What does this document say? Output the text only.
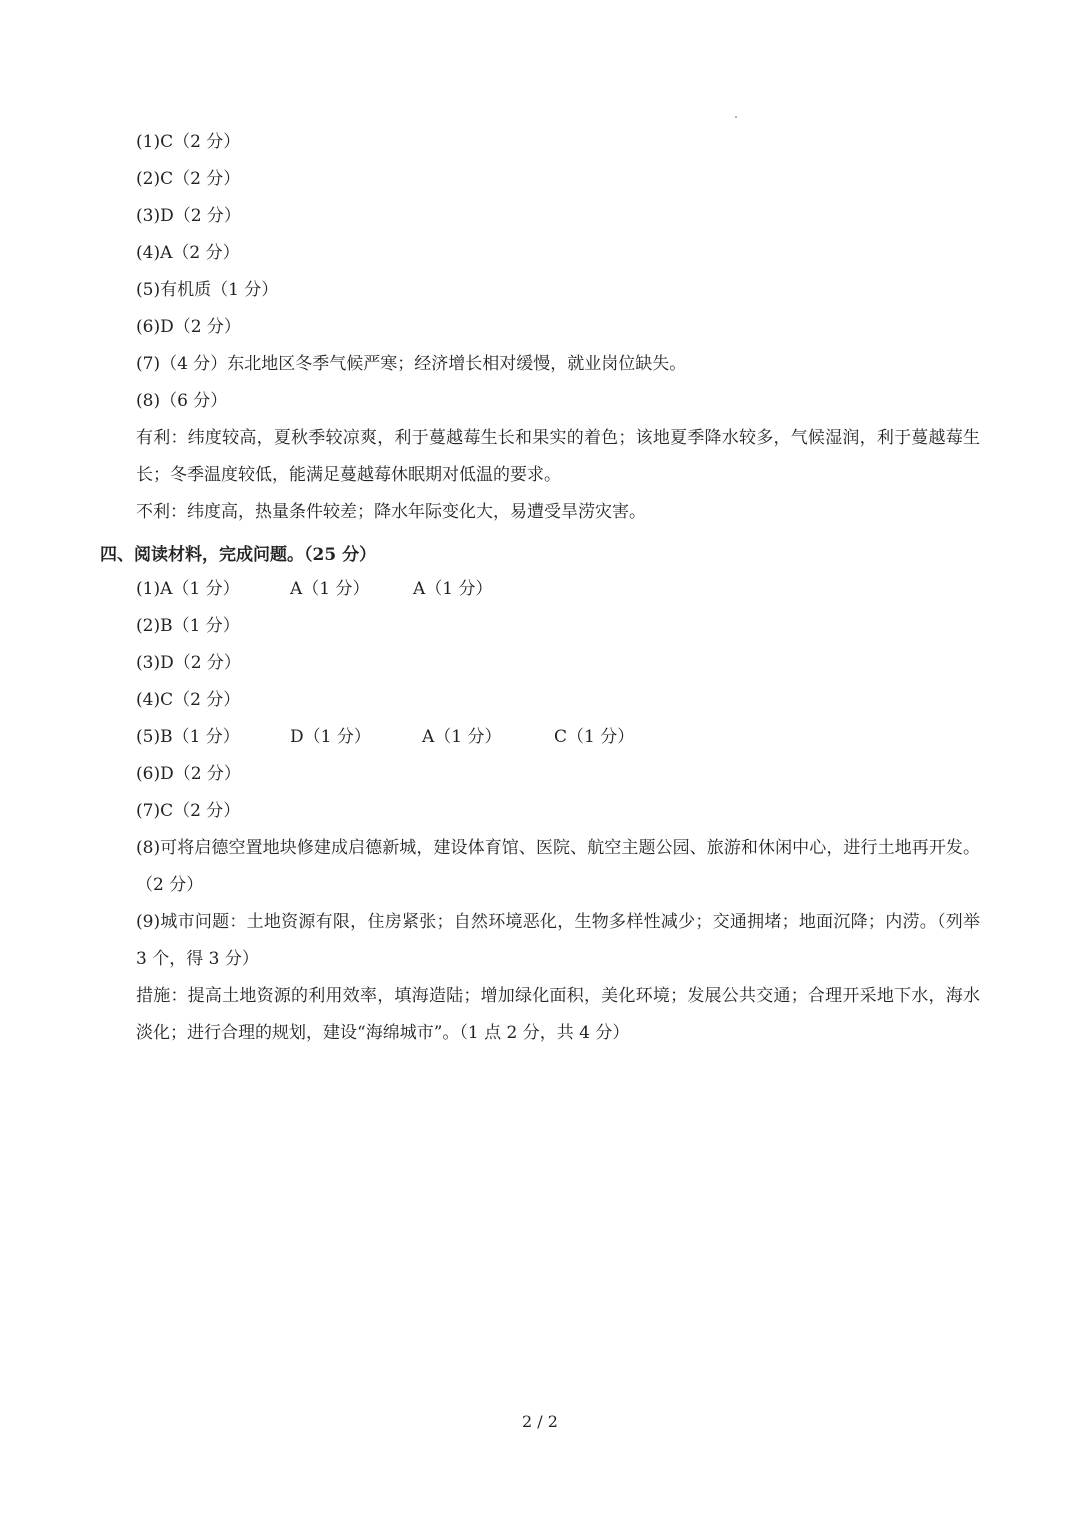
(1)C（2 分）

(2)C（2 分）

(3)D（2 分）

(4)A（2 分）

(5)有机质（1 分）

(6)D（2 分）

(7)（4 分）东北地区冬季气候严寒；经济增长相对缓慢，就业岗位缺失。

(8)（6 分）

有利：纬度较高，夏秋季较凉爽，利于蔓越莓生长和果实的着色；该地夏季降水较多，气候湿润，利于蔓越莓生长；冬季温度较低，能满足蔓越莓休眠期对低温的要求。

不利：纬度高，热量条件较差；降水年际变化大，易遭受旱涝灾害。

四、阅读材料，完成问题。（25 分）
(1)A（1 分）	A（1 分）	A（1 分）

(2)B（1 分）

(3)D（2 分）

(4)C（2 分）

(5)B（1 分）	D（1 分）	A（1 分）	C（1 分）

(6)D（2 分）

(7)C（2 分）

(8)可将启德空置地块修建成启德新城，建设体育馆、医院、航空主题公园、旅游和休闲中心，进行土地再开发。（2 分）

(9)城市问题：土地资源有限，住房紧张；自然环境恶化，生物多样性减少；交通拥堵；地面沉降；内涝。（列举 3 个，得 3 分）

措施：提高土地资源的利用效率，填海造陆；增加绿化面积，美化环境；发展公共交通；合理开采地下水，海水淡化；进行合理的规划，建设“海绵城市”。（1 点 2 分，共 4 分）

2 / 2
